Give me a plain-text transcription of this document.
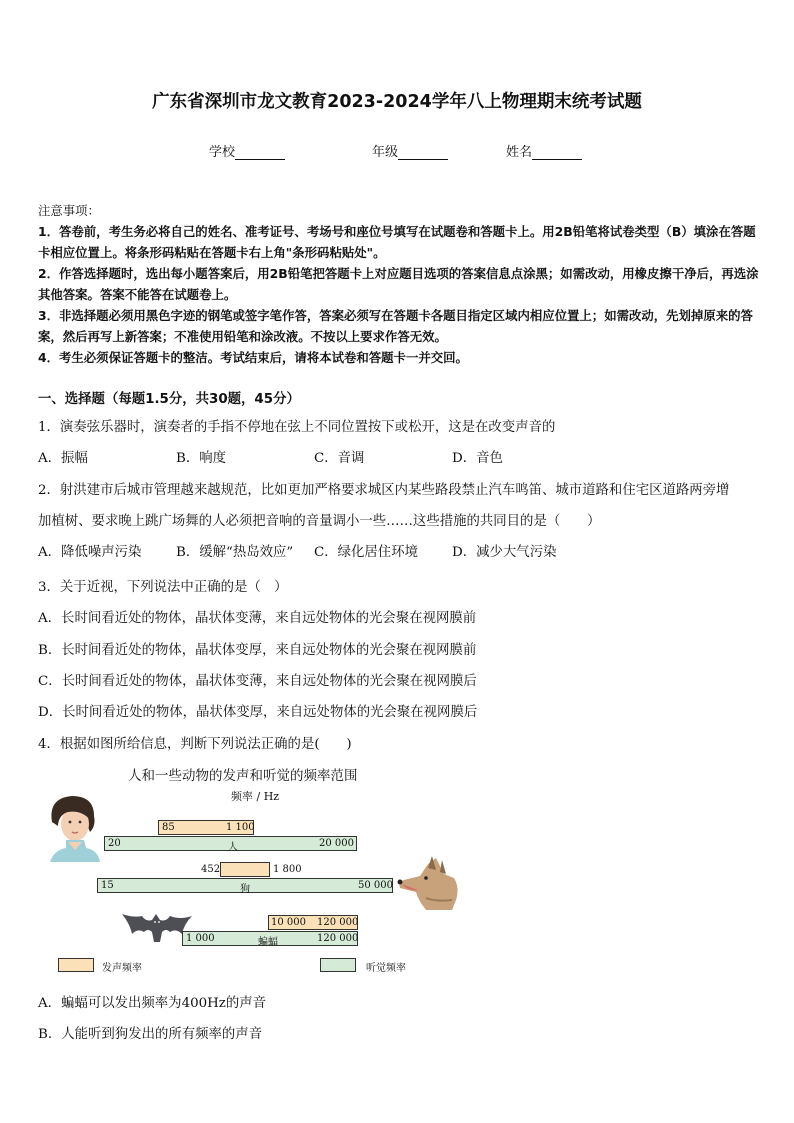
广东省深圳市龙文教育2023-2024学年八上物理期末统考试题
学校	年级	姓名

注意事项：

1．答卷前，考生务必将自己的姓名、准考证号、考场号和座位号填写在试题卷和答题卡上。用2B铅笔将试卷类型（B）填涂在答题卡相应位置上。将条形码粘贴在答题卡右上角"条形码粘贴处"。

2．作答选择题时，选出每小题答案后，用2B铅笔把答题卡上对应题目选项的答案信息点涂黑；如需改动，用橡皮擦干净后，再选涂其他答案。答案不能答在试题卷上。

3．非选择题必须用黑色字迹的钢笔或签字笔作答，答案必须写在答题卡各题目指定区域内相应位置上；如需改动，先划掉原来的答案，然后再写上新答案；不准使用铅笔和涂改液。不按以上要求作答无效。

4．考生必须保证答题卡的整洁。考试结束后，请将本试卷和答题卡一并交回。

一、选择题（每题1.5分，共30题，45分）
1．演奏弦乐器时，演奏者的手指不停地在弦上不同位置按下或松开，这是在改变声音的
A．振幅	B．响度	C．音调	D．音色
2．射洪建市后城市管理越来越规范，比如更加严格要求城区内某些路段禁止汽车鸣笛、城市道路和住宅区道路两旁增
加植树、要求晚上跳广场舞的人必须把音响的音量调小一些……这些措施的共同目的是（　　）
A．降低噪声污染	B．缓解“热岛效应” C．绿化居住环境	D．减少大气污染
3．关于近视，下列说法中正确的是（　）
A．长时间看近处的物体，晶状体变薄，来自远处物体的光会聚在视网膜前
B．长时间看近处的物体，晶状体变厚，来自远处物体的光会聚在视网膜前
C．长时间看近处的物体，晶状体变薄，来自远处物体的光会聚在视网膜后
D．长时间看近处的物体，晶状体变厚，来自远处物体的光会聚在视网膜后
4．根据如图所给信息，判断下列说法正确的是(　　)
人和一些动物的发声和听觉的频率范围
频率 / Hz
85	1 100
20	人	20 000
452	1 800
15	狗	50 000
10 000 120 000
1 000	蝙蝠	120 000
发声频率	听觉频率
A．蝙蝠可以发出频率为400Hz的声音
B．人能听到狗发出的所有频率的声音
